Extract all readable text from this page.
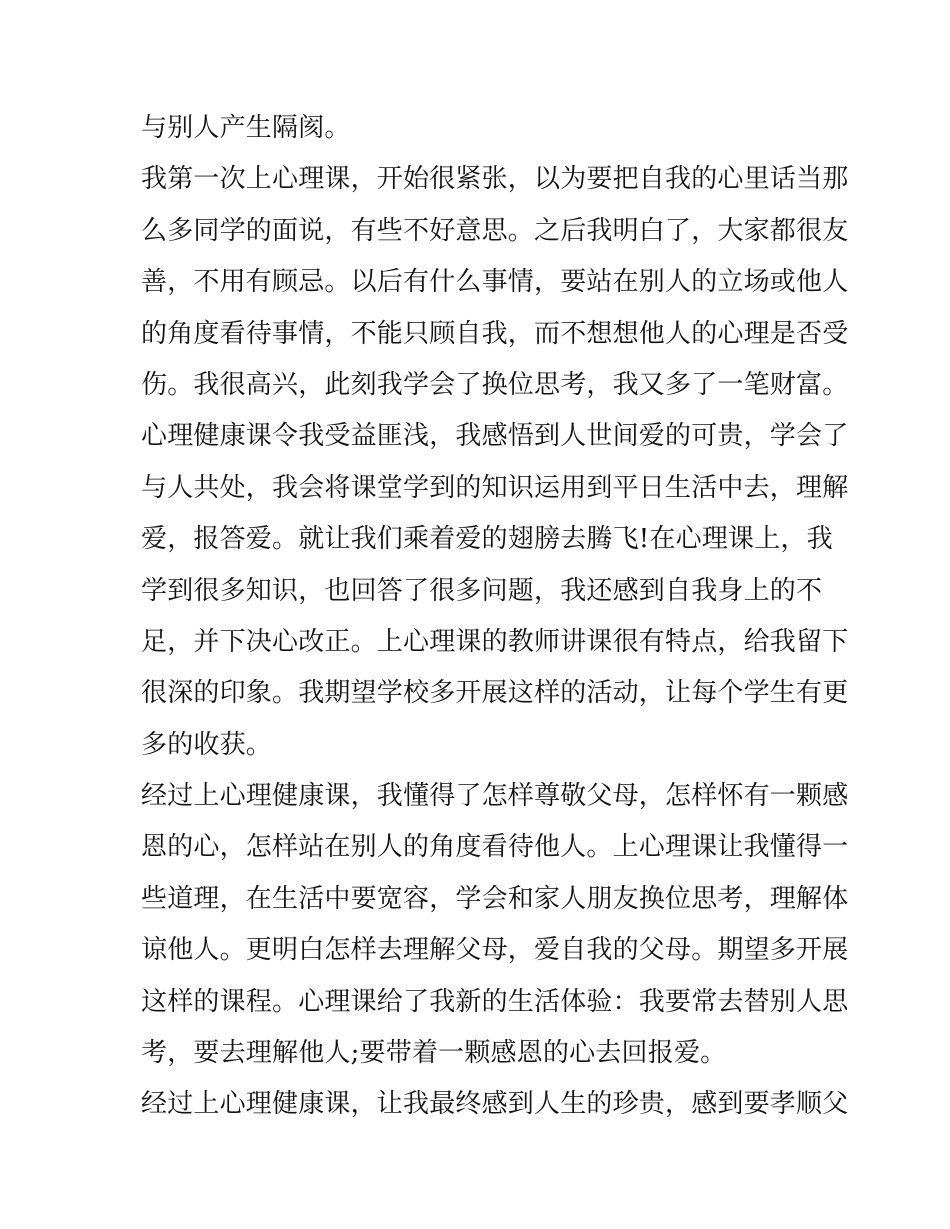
与别人产生隔阂。
我第一次上心理课，开始很紧张，以为要把自我的心里话当那
么多同学的面说，有些不好意思。之后我明白了，大家都很友
善，不用有顾忌。以后有什么事情，要站在别人的立场或他人
的角度看待事情，不能只顾自我，而不想想他人的心理是否受
伤。我很高兴，此刻我学会了换位思考，我又多了一笔财富。
心理健康课令我受益匪浅，我感悟到人世间爱的可贵，学会了
与人共处，我会将课堂学到的知识运用到平日生活中去，理解
爱，报答爱。就让我们乘着爱的翅膀去腾飞!在心理课上，我
学到很多知识，也回答了很多问题，我还感到自我身上的不
足，并下决心改正。上心理课的教师讲课很有特点，给我留下
很深的印象。我期望学校多开展这样的活动，让每个学生有更
多的收获。
经过上心理健康课，我懂得了怎样尊敬父母，怎样怀有一颗感
恩的心，怎样站在别人的角度看待他人。上心理课让我懂得一
些道理，在生活中要宽容，学会和家人朋友换位思考，理解体
谅他人。更明白怎样去理解父母，爱自我的父母。期望多开展
这样的课程。心理课给了我新的生活体验：我要常去替别人思
考，要去理解他人;要带着一颗感恩的心去回报爱。
经过上心理健康课，让我最终感到人生的珍贵，感到要孝顺父
